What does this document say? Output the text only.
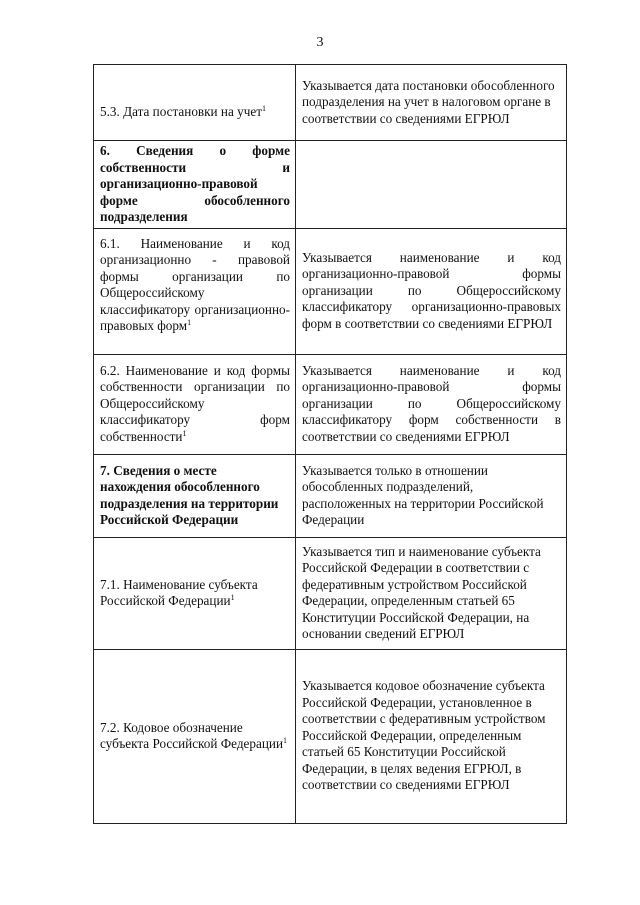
3
5.3. Дата постановки на учет$^1$	Указывается дата постановки обособленного подразделения на учет в налоговом органе в соответствии со сведениями ЕГРЮЛ
6. Сведения о форме собственности и организационно-правовой форме обособленного подразделения	
6.1. Наименование и код организационно - правовой формы организации по Общероссийскому классификатору организационно-правовых форм$^1$	Указывается наименование и код организационно-правовой формы организации по Общероссийскому классификатору организационно-правовых форм в соответствии со сведениями ЕГРЮЛ
6.2. Наименование и код формы собственности организации по Общероссийскому классификатору форм собственности$^1$	Указывается наименование и код организационно-правовой формы организации по Общероссийскому классификатору форм собственности в соответствии со сведениями ЕГРЮЛ
7. Сведения о месте нахождения обособленного подразделения на территории Российской Федерации	Указывается только в отношении обособленных подразделений, расположенных на территории Российской Федерации
7.1. Наименование субъекта Российской Федерации$^1$	Указывается тип и наименование субъекта Российской Федерации в соответствии с федеративным устройством Российской Федерации, определенным статьей 65 Конституции Российской Федерации, на основании сведений ЕГРЮЛ
7.2. Кодовое обозначение субъекта Российской Федерации$^1$	Указывается кодовое обозначение субъекта Российской Федерации, установленное в соответствии с федеративным устройством Российской Федерации, определенным статьей 65 Конституции Российской Федерации, в целях ведения ЕГРЮЛ, в соответствии со сведениями ЕГРЮЛ
